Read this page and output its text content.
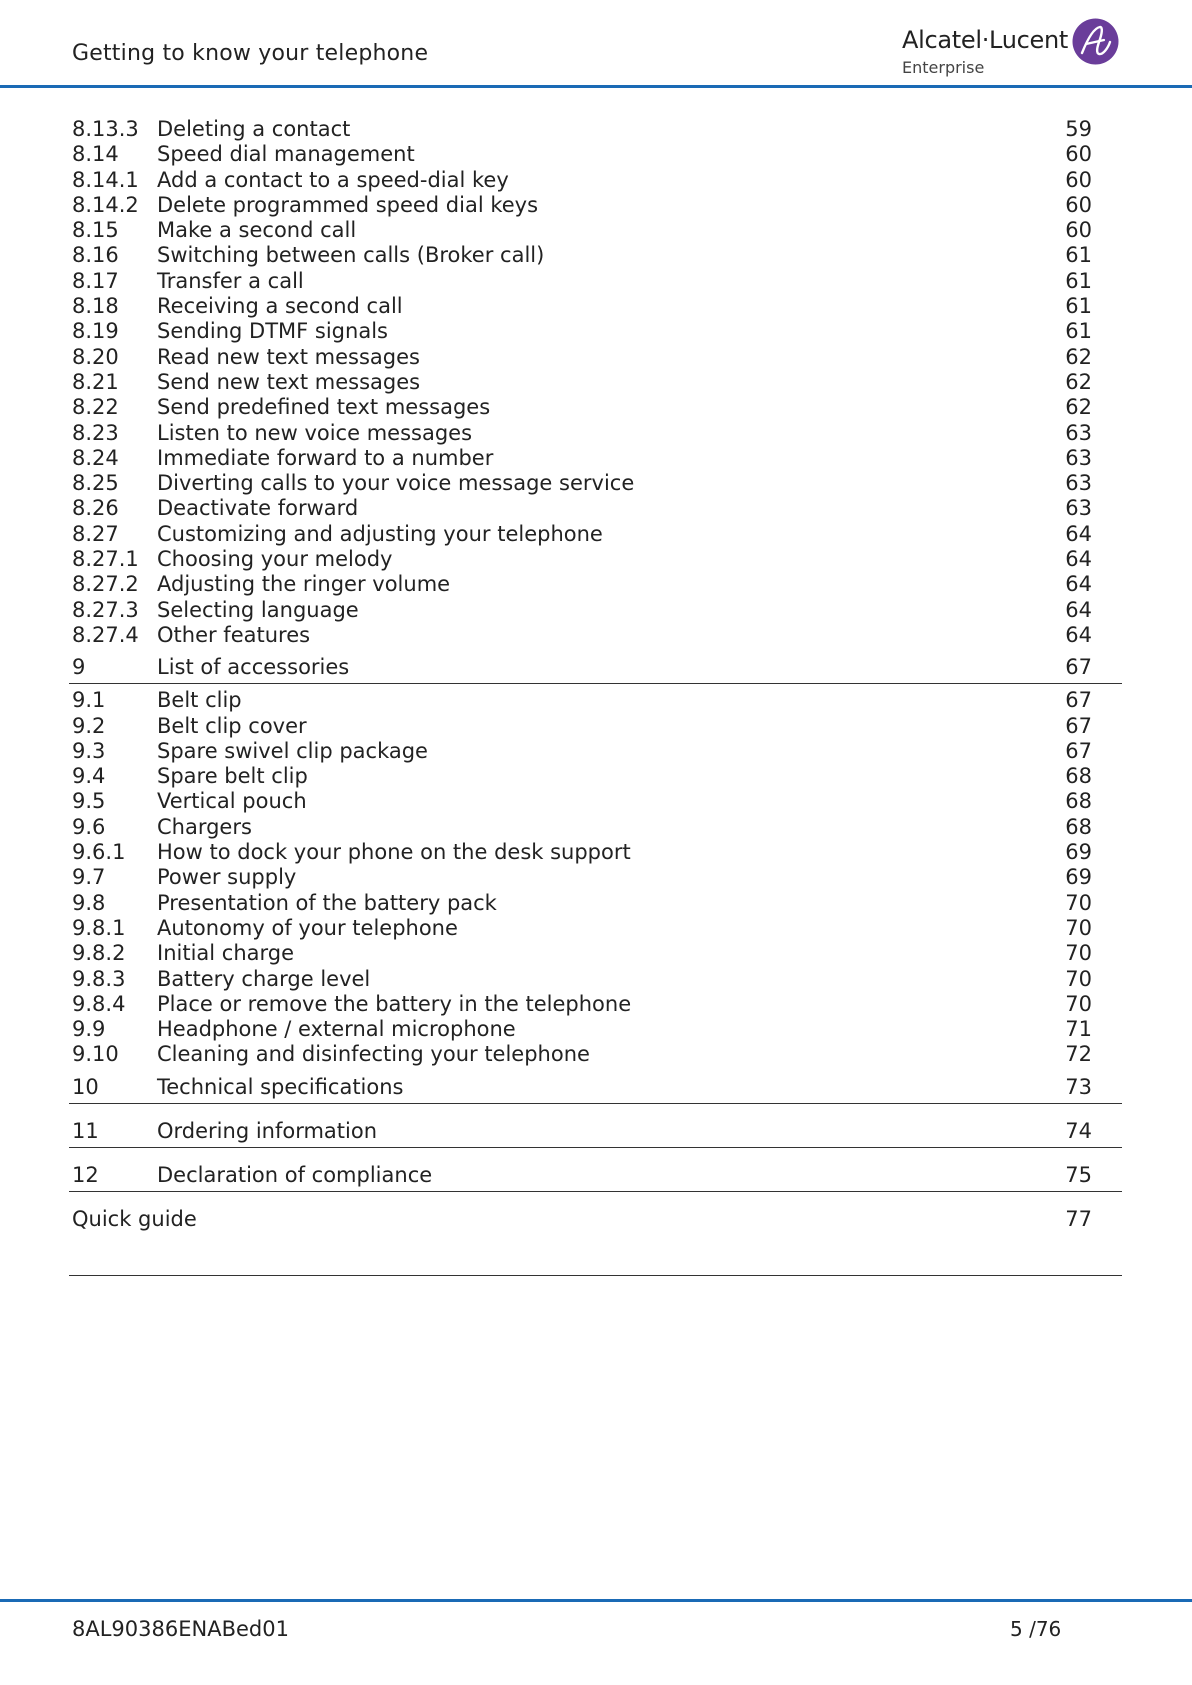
Getting to know your telephone	Alcatel·Lucent
Enterprise
8.13.3 Deleting a contact	59
8.14 Speed dial management	60
8.14.1 Add a contact to a speed-dial key	60
8.14.2 Delete programmed speed dial keys	60
8.15 Make a second call	60
8.16 Switching between calls (Broker call)	61
8.17 Transfer a call	61
8.18 Receiving a second call	61
8.19 Sending DTMF signals	61
8.20 Read new text messages	62
8.21 Send new text messages	62
8.22 Send predefined text messages	62
8.23 Listen to new voice messages	63
8.24 Immediate forward to a number	63
8.25 Diverting calls to your voice message service	63
8.26 Deactivate forward	63
8.27 Customizing and adjusting your telephone	64
8.27.1 Choosing your melody	64
8.27.2 Adjusting the ringer volume	64
8.27.3 Selecting language	64
8.27.4 Other features	64
9	List of accessories	67
9.1 Belt clip	67
9.2 Belt clip cover	67
9.3 Spare swivel clip package	67
9.4 Spare belt clip	68
9.5 Vertical pouch	68
9.6 Chargers	68
9.6.1 How to dock your phone on the desk support	69
9.7 Power supply	69
9.8 Presentation of the battery pack	70
9.8.1 Autonomy of your telephone	70
9.8.2 Initial charge	70
9.8.3 Battery charge level	70
9.8.4 Place or remove the battery in the telephone	70
9.9 Headphone / external microphone	71
9.10 Cleaning and disinfecting your telephone	72
10	Technical specifications	73
11	Ordering information	74
12	Declaration of compliance	75
Quick guide	77
8AL90386ENABed01	5 /76
